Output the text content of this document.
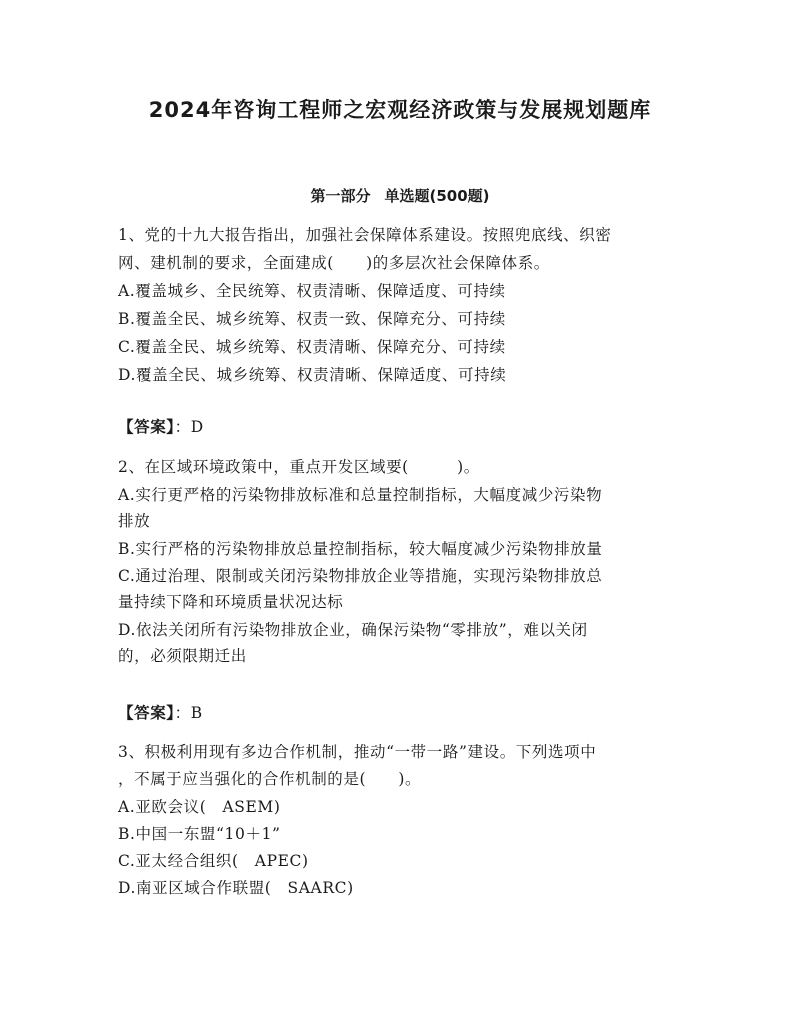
2024年咨询工程师之宏观经济政策与发展规划题库
第一部分 单选题(500题)
1、党的十九大报告指出，加强社会保障体系建设。按照兜底线、织密
网、建机制的要求，全面建成(　　)的多层次社会保障体系。
A.覆盖城乡、全民统筹、权责清晰、保障适度、可持续
B.覆盖全民、城乡统筹、权责一致、保障充分、可持续
C.覆盖全民、城乡统筹、权责清晰、保障充分、可持续
D.覆盖全民、城乡统筹、权责清晰、保障适度、可持续
【答案】：D
2、在区域环境政策中，重点开发区域要(　　　)。
A.实行更严格的污染物排放标准和总量控制指标，大幅度减少污染物
排放
B.实行严格的污染物排放总量控制指标，较大幅度减少污染物排放量
C.通过治理、限制或关闭污染物排放企业等措施，实现污染物排放总
量持续下降和环境质量状况达标
D.依法关闭所有污染物排放企业，确保污染物“零排放”，难以关闭
的，必须限期迁出
【答案】：B
3、积极利用现有多边合作机制，推动“一带一路”建设。下列选项中
，不属于应当强化的合作机制的是(　　)。
A.亚欧会议(　ASEM)
B.中国一东盟“10＋1”
C.亚太经合组织(　APEC)
D.南亚区域合作联盟(　SAARC)
